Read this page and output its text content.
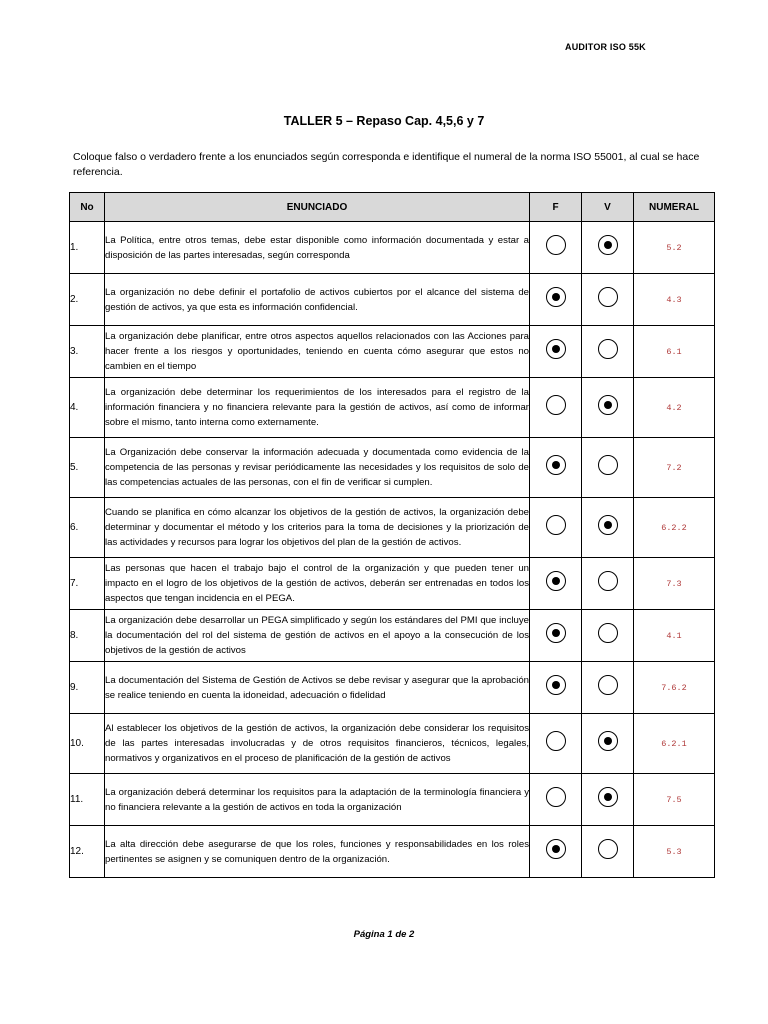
AUDITOR ISO 55K
TALLER 5 – Repaso Cap. 4,5,6 y 7
Coloque falso o verdadero frente a los enunciados según corresponda e identifique el numeral de la norma ISO 55001, al cual se hace referencia.
No	ENUNCIADO	F	V	NUMERAL
1.	La Política, entre otros temas, debe estar disponible como información documentada y estar a disposición de las partes interesadas, según corresponda			5.2
2.	La organización no debe definir el portafolio de activos cubiertos por el alcance del sistema de gestión de activos, ya que esta es información confidencial.			4.3
3.	La organización debe planificar, entre otros aspectos aquellos relacionados con las Acciones para hacer frente a los riesgos y oportunidades, teniendo en cuenta cómo asegurar que estos no cambien en el tiempo			6.1
4.	La organización debe determinar los requerimientos de los interesados para el registro de la información financiera y no financiera relevante para la gestión de activos, así como de informar sobre el mismo, tanto interna como externamente.			4.2
5.	La Organización debe conservar la información adecuada y documentada como evidencia de la competencia de las personas y revisar periódicamente las necesidades y los requisitos de solo de las competencias actuales de las personas, con el fin de verificar si cumplen.			7.2
6.	Cuando se planifica en cómo alcanzar los objetivos de la gestión de activos, la organización debe determinar y documentar el método y los criterios para la toma de decisiones y la priorización de las actividades y recursos para lograr los objetivos del plan de la gestión de activos.			6.2.2
7.	Las personas que hacen el trabajo bajo el control de la organización y que pueden tener un impacto en el logro de los objetivos de la gestión de activos, deberán ser entrenadas en todos los aspectos que tengan incidencia en el PEGA.			7.3
8.	La organización debe desarrollar un PEGA simplificado y según los estándares del PMI que incluye la documentación del rol del sistema de gestión de activos en el apoyo a la consecución de los objetivos de la gestión de activos			4.1
9.	La documentación del Sistema de Gestión de Activos se debe revisar y asegurar que la aprobación se realice teniendo en cuenta la idoneidad, adecuación o fidelidad			7.6.2
10.	Al establecer los objetivos de la gestión de activos, la organización debe considerar los requisitos de las partes interesadas involucradas y de otros requisitos financieros, técnicos, legales, normativos y organizativos en el proceso de planificación de la gestión de activos			6.2.1
11.	La organización deberá determinar los requisitos para la adaptación de la terminología financiera y no financiera relevante a la gestión de activos en toda la organización			7.5
12.	La alta dirección debe asegurarse de que los roles, funciones y responsabilidades en los roles pertinentes se asignen y se comuniquen dentro de la organización.			5.3
Página 1 de 2
